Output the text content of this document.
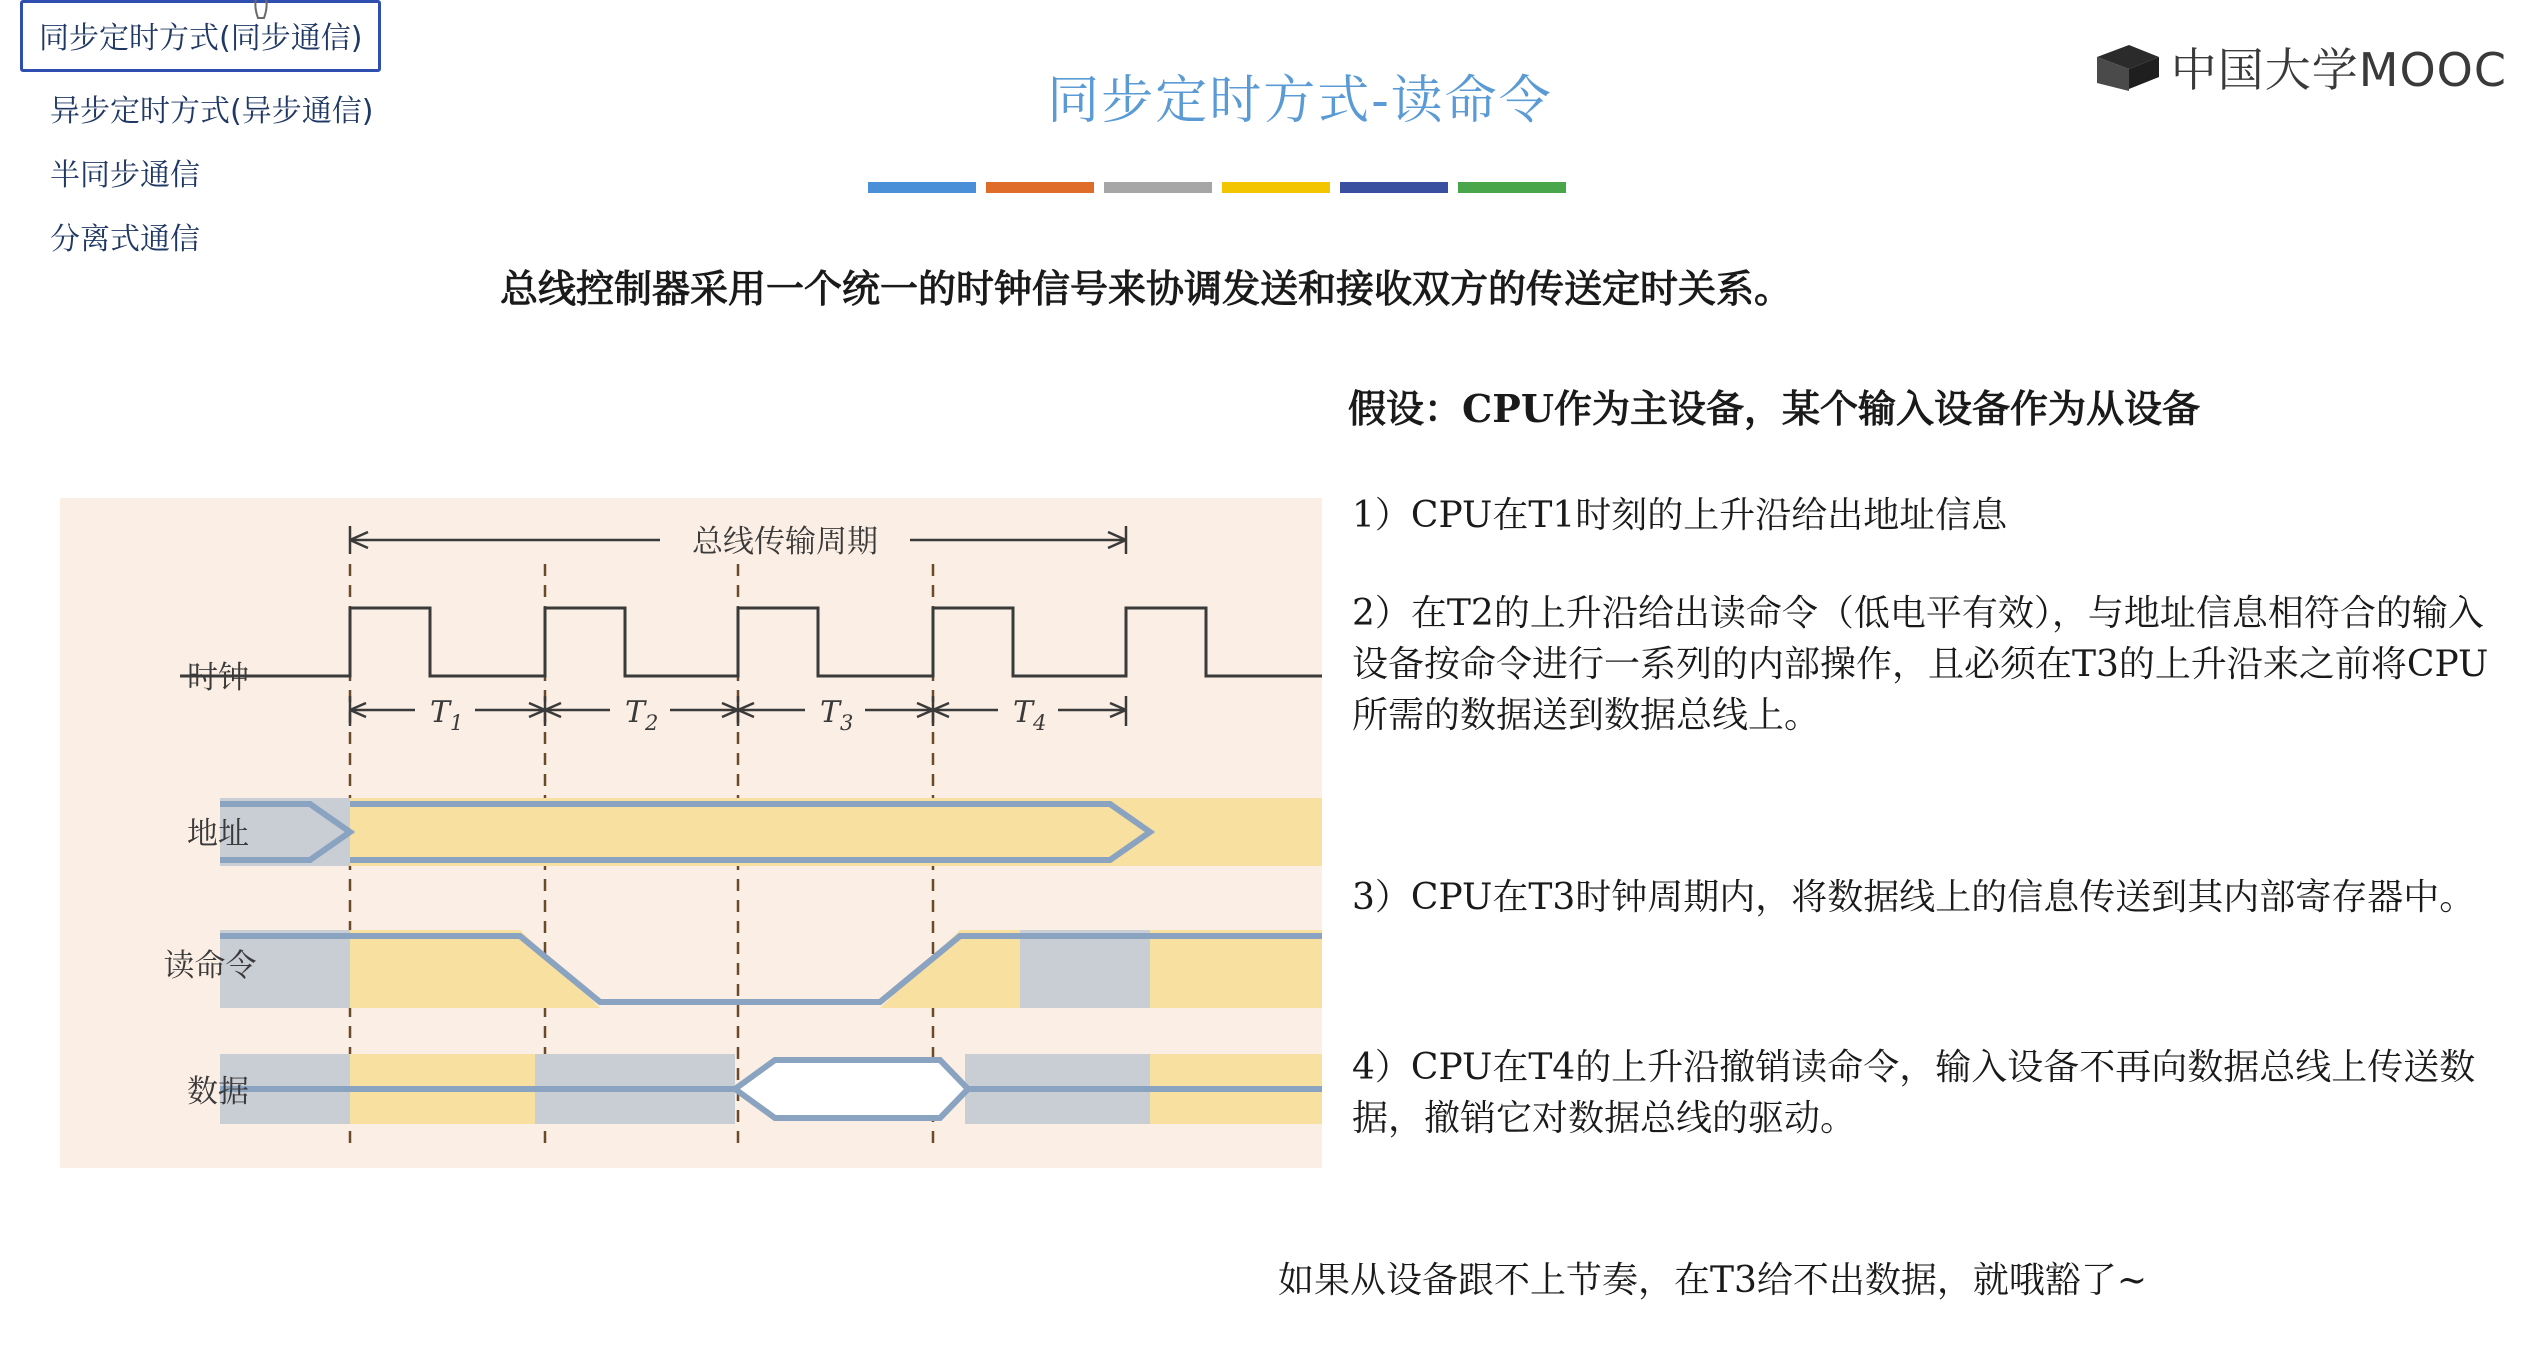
同步定时方式(同步通信)
异步定时方式(异步通信)
半同步通信
分离式通信
中国大学MOOC
同步定时方式-读命令
总线控制器采用一个统一的时钟信号来协调发送和接收双方的传送定时关系。
假设：CPU作为主设备，某个输入设备作为从设备
1）CPU在T1时刻的上升沿给出地址信息
2）在T2的上升沿给出读命令（低电平有效），与地址信息相符合的输入设备按命令进行一系列的内部操作，且必须在T3的上升沿来之前将CPU所需的数据送到数据总线上。
3）CPU在T3时钟周期内，将数据线上的信息传送到其内部寄存器中。
4）CPU在T4的上升沿撤销读命令，输入设备不再向数据总线上传送数据，撤销它对数据总线的驱动。
如果从设备跟不上节奏，在T3给不出数据，就哦豁了~
总线传输周期
时钟
T 1	T 2	T 3	T 4
地址
读命令
数据
